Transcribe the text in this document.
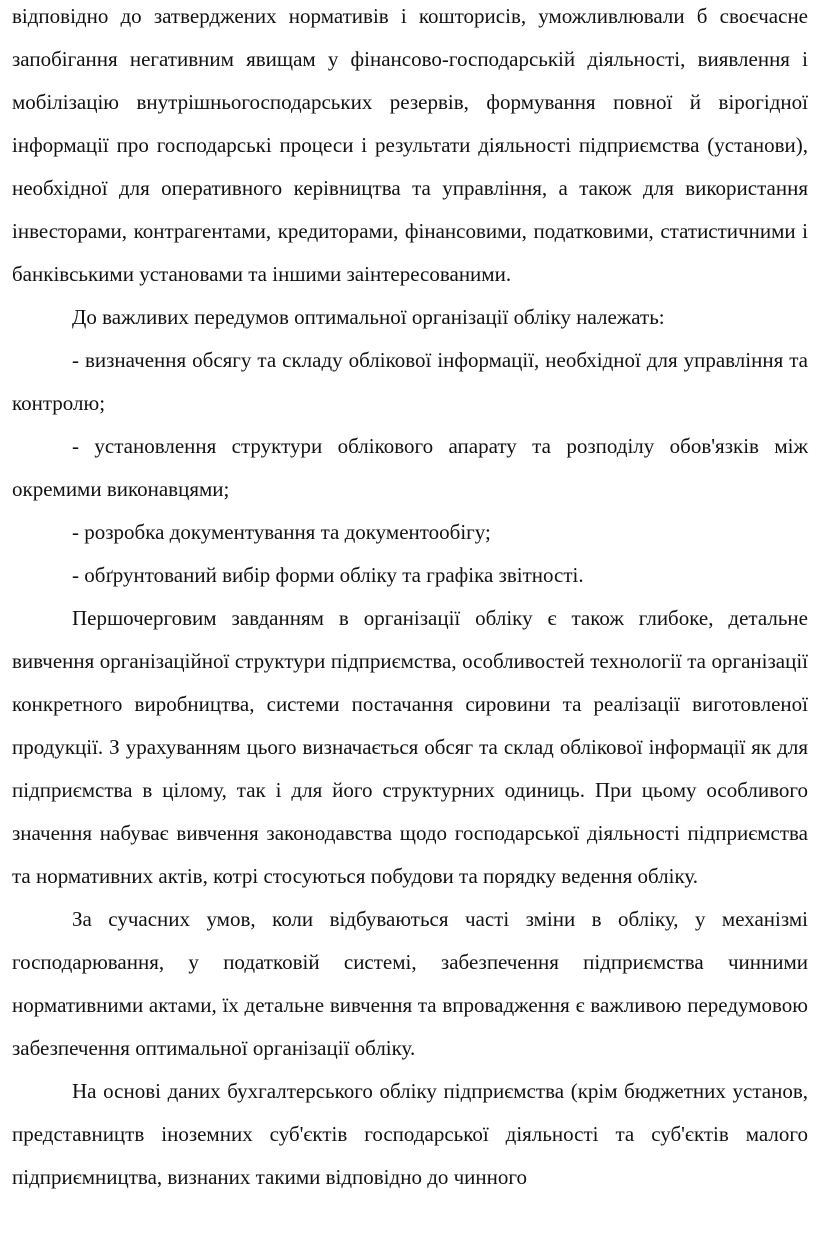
відповідно до затверджених нормативів і кошторисів, уможливлювали б своєчасне запобігання негативним явищам у фінансово-господарській діяльності, виявлення і мобілізацію внутрішньогосподарських резервів, формування повної й вірогідної інформації про господарські процеси і результати діяльності підприємства (установи), необхідної для оперативного керівництва та управління, а також для використання інвесторами, контрагентами, кредиторами, фінансовими, податковими, статистичними і банківськими установами та іншими заінтересованими.

До важливих передумов оптимальної організації обліку належать:

- визначення обсягу та складу облікової інформації, необхідної для управління та контролю;

- установлення структури облікового апарату та розподілу обов'язків між окремими виконавцями;

- розробка документування та документообігу;

- обґрунтований вибір форми обліку та графіка звітності.

Першочерговим завданням в організації обліку є також глибоке, детальне вивчення організаційної структури підприємства, особливостей технології та організації конкретного виробництва, системи постачання сировини та реалізації виготовленої продукції. З урахуванням цього визначається обсяг та склад облікової інформації як для підприємства в цілому, так і для його структурних одиниць. При цьому особливого значення набуває вивчення законодавства щодо господарської діяльності підприємства та нормативних актів, котрі стосуються побудови та порядку ведення обліку.

За сучасних умов, коли відбуваються часті зміни в обліку, у механізмі господарювання, у податковій системі, забезпечення підприємства чинними нормативними актами, їх детальне вивчення та впровадження є важливою передумовою забезпечення оптимальної організації обліку.

На основі даних бухгалтерського обліку підприємства (крім бюджетних установ, представництв іноземних суб'єктів господарської діяльності та суб'єктів малого підприємництва, визнаних такими відповідно до чинного
